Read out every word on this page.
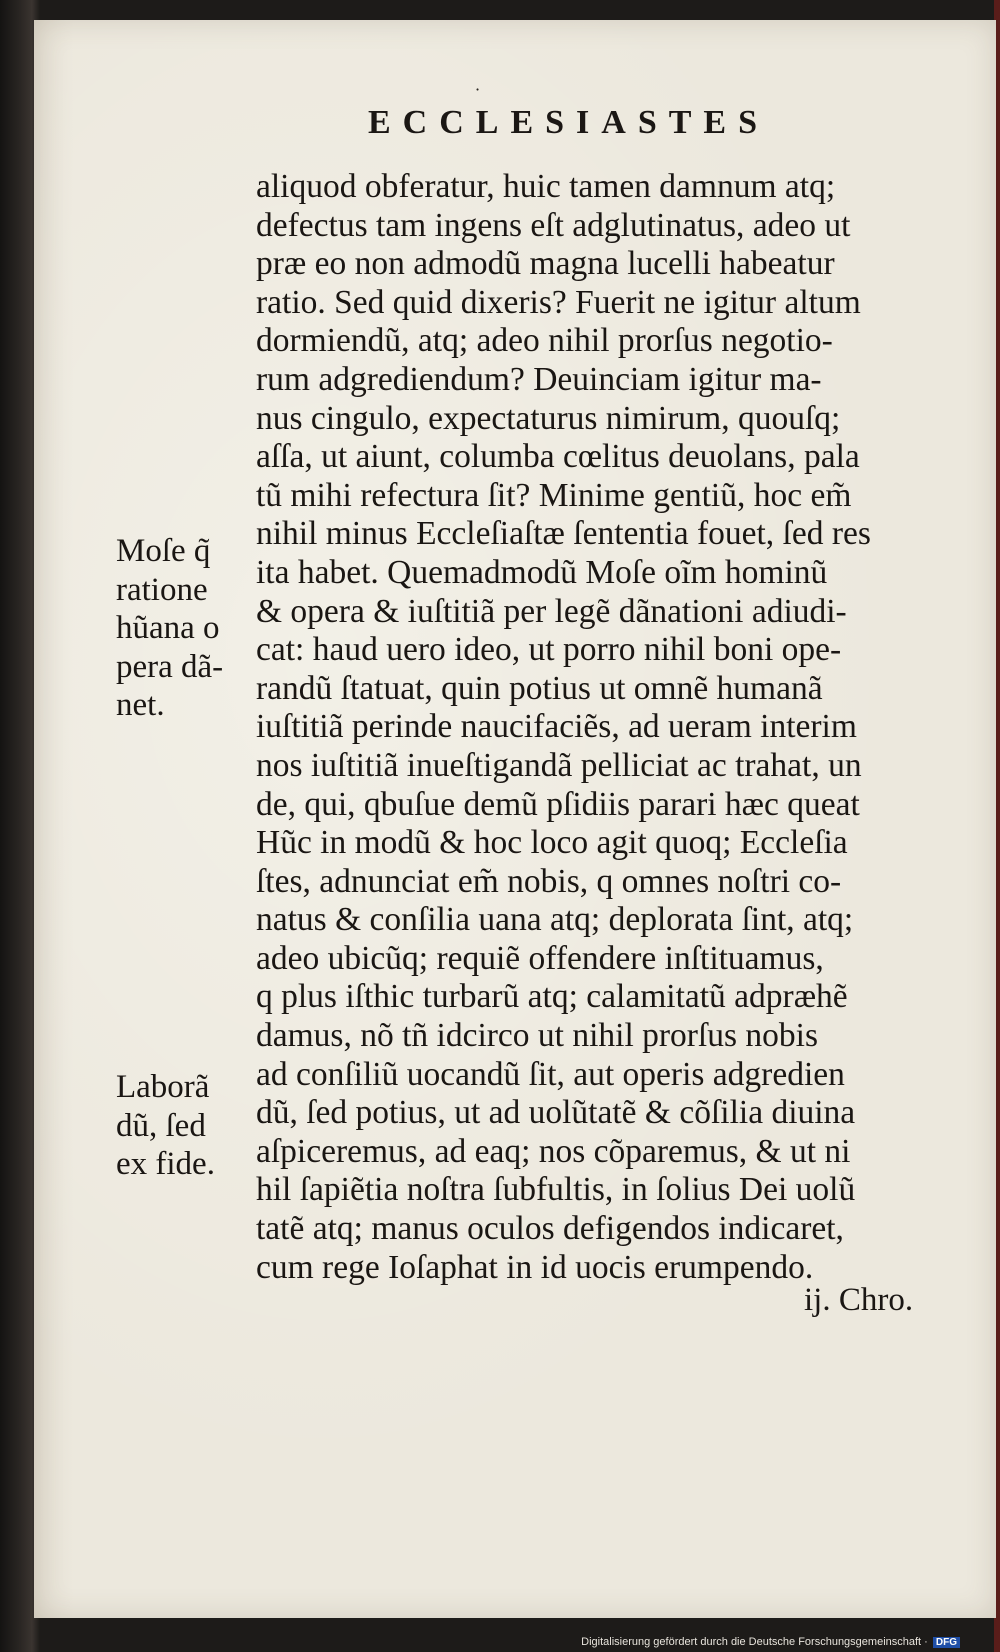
·
ECCLESIASTES
Moſe q̃
ratione
hũana o
pera dã-
net.
Laborã
dũ, ſed
ex fide.
aliquod obferatur, huic tamen damnum atq;
defectus tam ingens eſt adglutinatus, adeo ut
præ eo non admodũ magna lucelli habeatur
ratio. Sed quid dixeris? Fuerit ne igitur altum
dormiendũ, atq; adeo nihil prorſus negotio-
rum adgrediendum? Deuinciam igitur ma-
nus cingulo, expectaturus nimirum, quouſq;
aſſa, ut aiunt, columba cœlitus deuolans, pala
tũ mihi refectura ſit? Minime gentiũ, hoc em̃
nihil minus Eccleſiaſtæ ſententia fouet, ſed res
ita habet. Quemadmodũ Moſe oĩm hominũ
& opera & iuſtitiã per legẽ dãnationi adiudi-
cat: haud uero ideo, ut porro nihil boni ope-
randũ ſtatuat, quin potius ut omnẽ humanã
iuſtitiã perinde naucifaciẽs, ad ueram interim
nos iuſtitiã inueſtigandã pelliciat ac trahat, un
de, qui, qbuſue demũ pſidiis parari hæc queat
Hũc in modũ & hoc loco agit quoq; Eccleſia
ſtes, adnunciat em̃ nobis, q omnes noſtri co-
natus & conſilia uana atq; deplorata ſint, atq;
adeo ubicũq; requiẽ offendere inſtituamus,
q plus iſthic turbarũ atq; calamitatũ adpræhẽ
damus, nõ tñ idcirco ut nihil prorſus nobis
ad conſiliũ uocandũ ſit, aut operis adgredien
dũ, ſed potius, ut ad uolũtatẽ & cõſilia diuina
aſpiceremus, ad eaq; nos cõparemus, & ut ni
hil ſapiẽtia noſtra ſubfultis, in ſolius Dei uolũ
tatẽ atq; manus oculos defigendos indicaret,
cum rege Ioſaphat in id uocis erumpendo.
ij. Chro.
Digitalisierung gefördert durch die Deutsche Forschungsgemeinschaft · DFG
